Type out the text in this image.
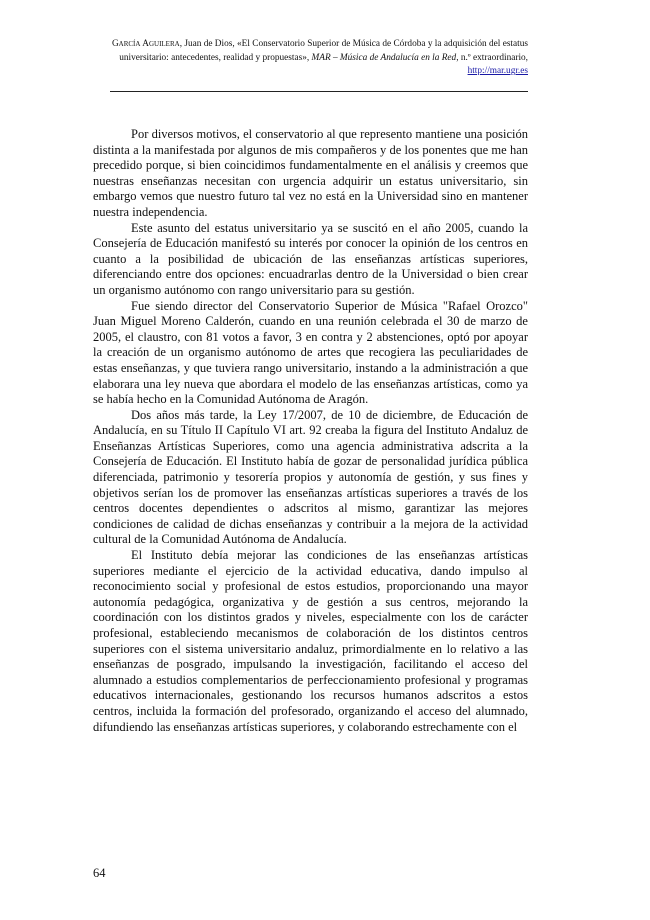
García Aguilera, Juan de Dios, «El Conservatorio Superior de Música de Córdoba y la adquisición del estatus universitario: antecedentes, realidad y propuestas», MAR – Música de Andalucía en la Red, n.º extraordinario, http://mar.ugr.es

Por diversos motivos, el conservatorio al que represento mantiene una posición distinta a la manifestada por algunos de mis compañeros y de los ponentes que me han precedido porque, si bien coincidimos fundamentalmente en el análisis y creemos que nuestras enseñanzas necesitan con urgencia adquirir un estatus universitario, sin embargo vemos que nuestro futuro tal vez no está en la Universidad sino en mantener nuestra independencia.

Este asunto del estatus universitario ya se suscitó en el año 2005, cuando la Consejería de Educación manifestó su interés por conocer la opinión de los centros en cuanto a la posibilidad de ubicación de las enseñanzas artísticas superiores, diferenciando entre dos opciones: encuadrarlas dentro de la Universidad o bien crear un organismo autónomo con rango universitario para su gestión.

Fue siendo director del Conservatorio Superior de Música "Rafael Orozco" Juan Miguel Moreno Calderón, cuando en una reunión celebrada el 30 de marzo de 2005, el claustro, con 81 votos a favor, 3 en contra y 2 abstenciones, optó por apoyar la creación de un organismo autónomo de artes que recogiera las peculiaridades de estas enseñanzas, y que tuviera rango universitario, instando a la administración a que elaborara una ley nueva que abordara el modelo de las enseñanzas artísticas, como ya se había hecho en la Comunidad Autónoma de Aragón.

Dos años más tarde, la Ley 17/2007, de 10 de diciembre, de Educación de Andalucía, en su Título II Capítulo VI art. 92 creaba la figura del Instituto Andaluz de Enseñanzas Artísticas Superiores, como una agencia administrativa adscrita a la Consejería de Educación. El Instituto había de gozar de personalidad jurídica pública diferenciada, patrimonio y tesorería propios y autonomía de gestión, y sus fines y objetivos serían los de promover las enseñanzas artísticas superiores a través de los centros docentes dependientes o adscritos al mismo, garantizar las mejores condiciones de calidad de dichas enseñanzas y contribuir a la mejora de la actividad cultural de la Comunidad Autónoma de Andalucía.

El Instituto debía mejorar las condiciones de las enseñanzas artísticas superiores mediante el ejercicio de la actividad educativa, dando impulso al reconocimiento social y profesional de estos estudios, proporcionando una mayor autonomía pedagógica, organizativa y de gestión a sus centros, mejorando la coordinación con los distintos grados y niveles, especialmente con los de carácter profesional, estableciendo mecanismos de colaboración de los distintos centros superiores con el sistema universitario andaluz, primordialmente en lo relativo a las enseñanzas de posgrado, impulsando la investigación, facilitando el acceso del alumnado a estudios complementarios de perfeccionamiento profesional y programas educativos internacionales, gestionando los recursos humanos adscritos a estos centros, incluida la formación del profesorado, organizando el acceso del alumnado, difundiendo las enseñanzas artísticas superiores, y colaborando estrechamente con el

64
